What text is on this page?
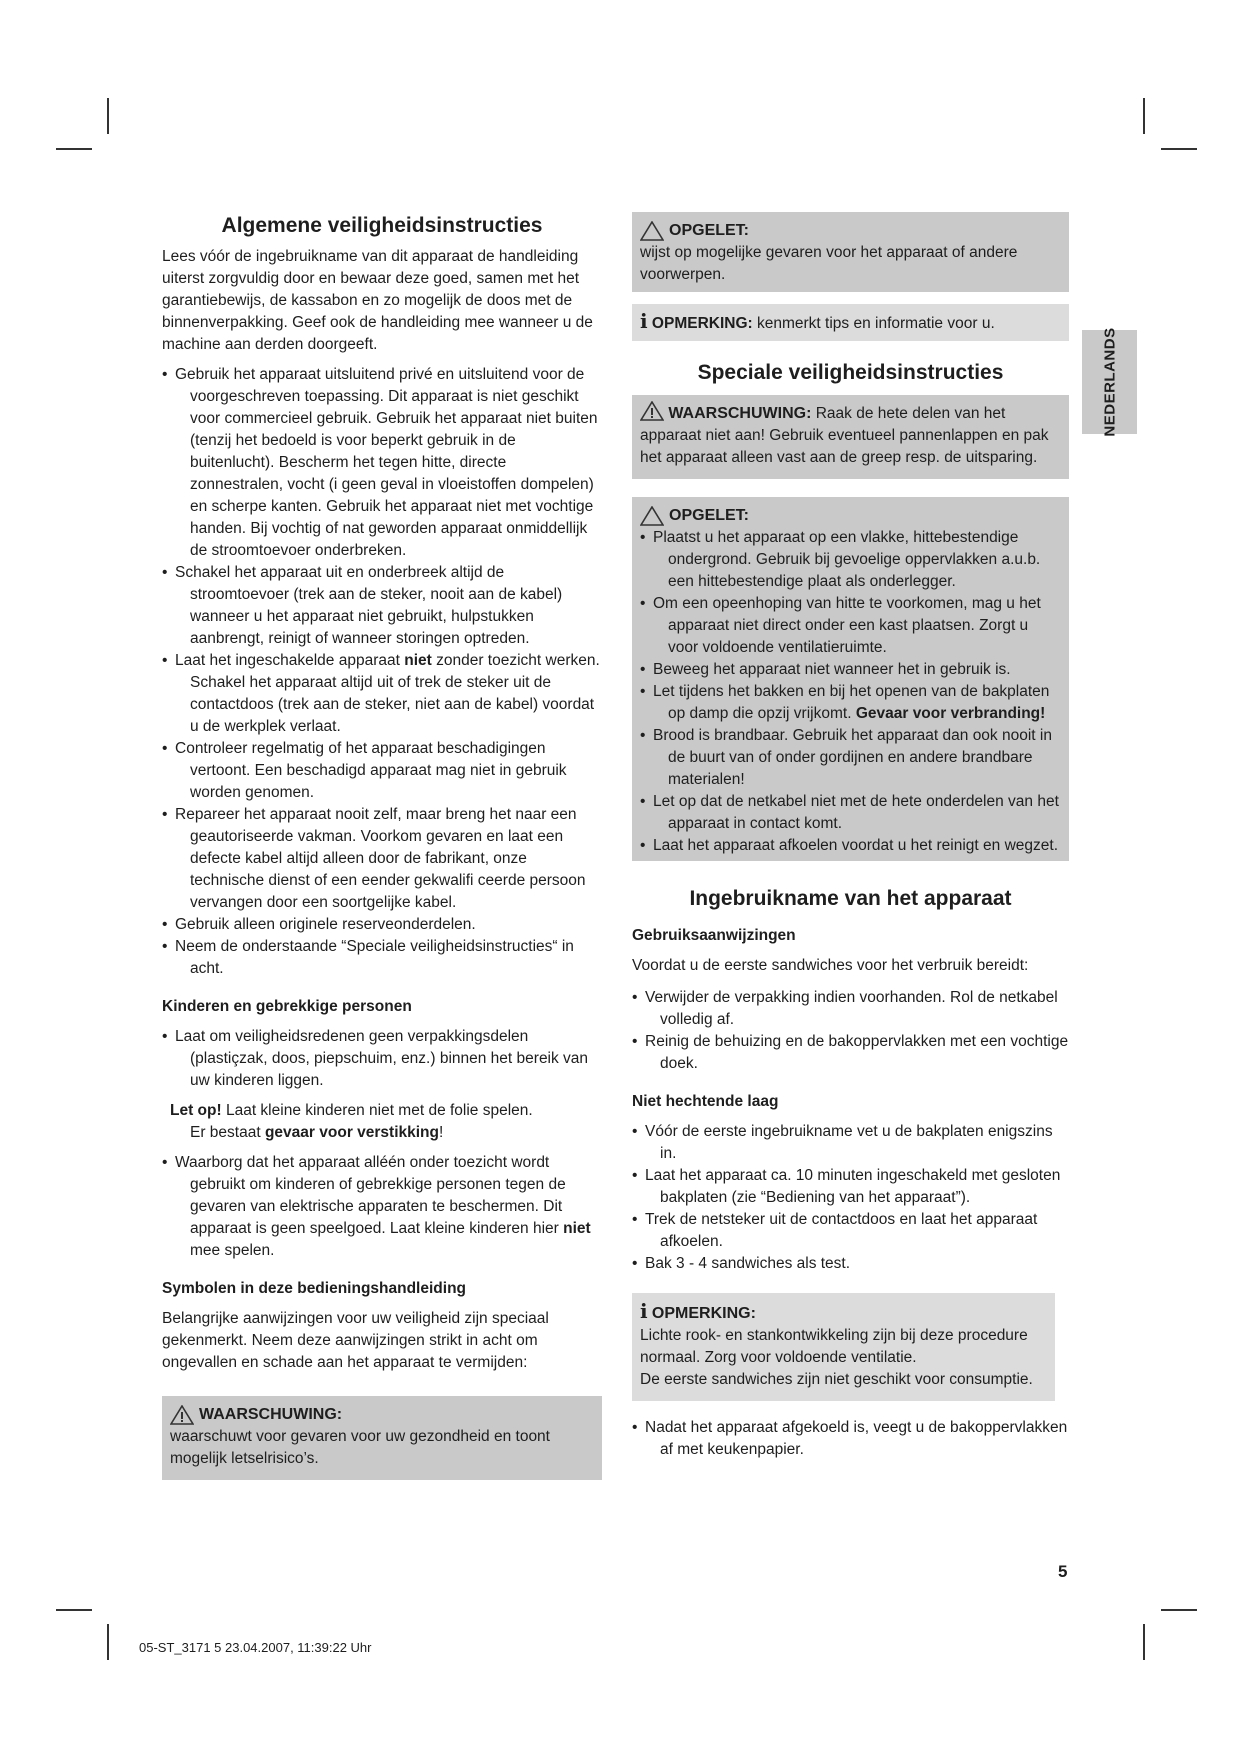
Algemene veiligheidsinstructies

Lees vóór de ingebruikname van dit apparaat de handleiding uiterst zorgvuldig door en bewaar deze goed, samen met het garantiebewijs, de kassabon en zo mogelijk de doos met de binnenverpakking. Geef ook de handleiding mee wanneer u de machine aan derden doorgeeft.

• Gebruik het apparaat uitsluitend privé en uitsluitend voor de voorgeschreven toepassing. Dit apparaat is niet geschikt voor commercieel gebruik. Gebruik het apparaat niet buiten (tenzij het bedoeld is voor beperkt gebruik in de buitenlucht). Bescherm het tegen hitte, directe zonnestralen, vocht (i geen geval in vloeistoffen dompelen) en scherpe kanten. Gebruik het apparaat niet met vochtige handen. Bij vochtig of nat geworden apparaat onmiddellijk de stroomtoevoer onderbreken.
• Schakel het apparaat uit en onderbreek altijd de stroomtoevoer (trek aan de steker, nooit aan de kabel) wanneer u het apparaat niet gebruikt, hulpstukken aanbrengt, reinigt of wanneer storingen optreden.
• Laat het ingeschakelde apparaat niet zonder toezicht werken. Schakel het apparaat altijd uit of trek de steker uit de contactdoos (trek aan de steker, niet aan de kabel) voordat u de werkplek verlaat.
• Controleer regelmatig of het apparaat beschadigingen vertoont. Een beschadigd apparaat mag niet in gebruik worden genomen.
• Repareer het apparaat nooit zelf, maar breng het naar een geautoriseerde vakman. Voorkom gevaren en laat een defecte kabel altijd alleen door de fabrikant, onze technische dienst of een eender gekwalifi ceerde persoon vervangen door een soortgelijke kabel.
• Gebruik alleen originele reserveonderdelen.
• Neem de onderstaande “Speciale veiligheidsinstructies“ in acht.

Kinderen en gebrekkige personen

• Laat om veiligheidsredenen geen verpakkingsdelen (plastiçzak, doos, piepschuim, enz.) binnen het bereik van uw kinderen liggen.

Let op! Laat kleine kinderen niet met de folie spelen.
Er bestaat gevaar voor verstikking!

• Waarborg dat het apparaat alléén onder toezicht wordt gebruikt om kinderen of gebrekkige personen tegen de gevaren van elektrische apparaten te beschermen. Dit apparaat is geen speelgoed. Laat kleine kinderen hier niet mee spelen.

Symbolen in deze bedieningshandleiding

Belangrijke aanwijzingen voor uw veiligheid zijn speciaal gekenmerkt. Neem deze aanwijzingen strikt in acht om ongevallen en schade aan het apparaat te vermijden:

WAARSCHUWING:

waarschuwt voor gevaren voor uw gezondheid en toont mogelijk letselrisico’s.

OPGELET:

wijst op mogelijke gevaren voor het apparaat of andere voorwerpen.

i OPMERKING: kenmerkt tips en informatie voor u.
Speciale veiligheidsinstructies

WAARSCHUWING: Raak de hete delen van het apparaat niet aan! Gebruik eventueel pannenlappen en pak het apparaat alleen vast aan de greep resp. de uitsparing.

OPGELET:
• Plaatst u het apparaat op een vlakke, hittebestendige ondergrond. Gebruik bij gevoelige oppervlakken a.u.b. een hittebestendige plaat als onderlegger.
• Om een opeenhoping van hitte te voorkomen, mag u het apparaat niet direct onder een kast plaatsen. Zorgt u voor voldoende ventilatieruimte.
• Beweeg het apparaat niet wanneer het in gebruik is.
• Let tijdens het bakken en bij het openen van de bakplaten op damp die opzij vrijkomt. Gevaar voor verbranding!
• Brood is brandbaar. Gebruik het apparaat dan ook nooit in de buurt van of onder gordijnen en andere brandbare materialen!
• Let op dat de netkabel niet met de hete onderdelen van het apparaat in contact komt.
• Laat het apparaat afkoelen voordat u het reinigt en wegzet.
Ingebruikname van het apparaat

Gebruiksaanwijzingen

Voordat u de eerste sandwiches voor het verbruik bereidt:

• Verwijder de verpakking indien voorhanden. Rol de netkabel volledig af.
• Reinig de behuizing en de bakoppervlakken met een vochtige doek.

Niet hechtende laag

• Vóór de eerste ingebruikname vet u de bakplaten enigszins in.
• Laat het apparaat ca. 10 minuten ingeschakeld met gesloten bakplaten (zie “Bediening van het apparaat”).
• Trek de netsteker uit de contactdoos en laat het apparaat afkoelen.
• Bak 3 - 4 sandwiches als test.
i OPMERKING:

Lichte rook- en stankontwikkeling zijn bij deze procedure normaal. Zorg voor voldoende ventilatie.

De eerste sandwiches zijn niet geschikt voor consumptie.

• Nadat het apparaat afgekoeld is, veegt u de bakoppervlakken af met keukenpapier.
NEDERLANDS
5
05-ST_3171 5 23.04.2007, 11:39:22 Uhr
